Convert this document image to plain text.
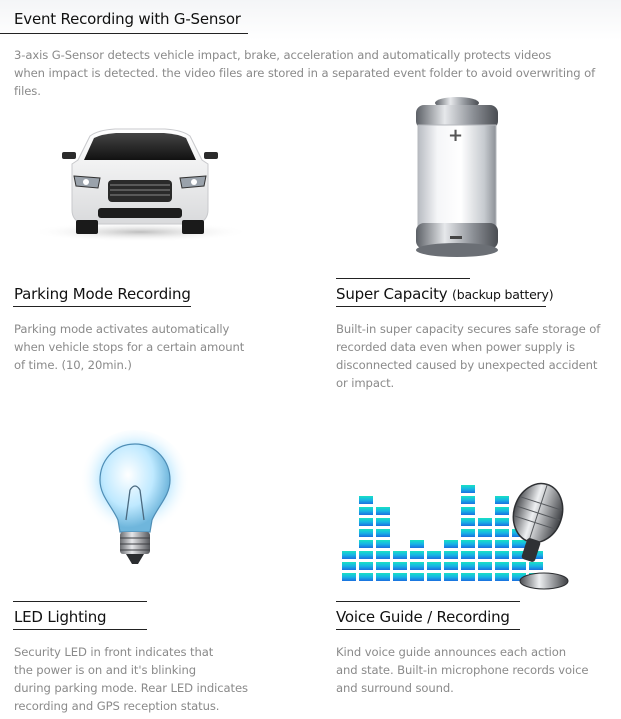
Event Recording with G-Sensor
3-axis G-Sensor detects vehicle impact, brake, acceleration and automatically protects videos
when impact is detected. the video files are stored in a separated event folder to avoid overwriting of files.
+
Parking Mode Recording
Parking mode activates automatically
when vehicle stops for a certain amount
of time. (10, 20min.)
Super Capacity (backup battery)
Built-in super capacity secures safe storage of
recorded data even when power supply is
disconnected caused by unexpected accident
or impact.
LED Lighting
Security LED in front indicates that
the power is on and it's blinking
during parking mode. Rear LED indicates
recording and GPS reception status.
Voice Guide / Recording
Kind voice guide announces each action
and state. Built-in microphone records voice
and surround sound.
